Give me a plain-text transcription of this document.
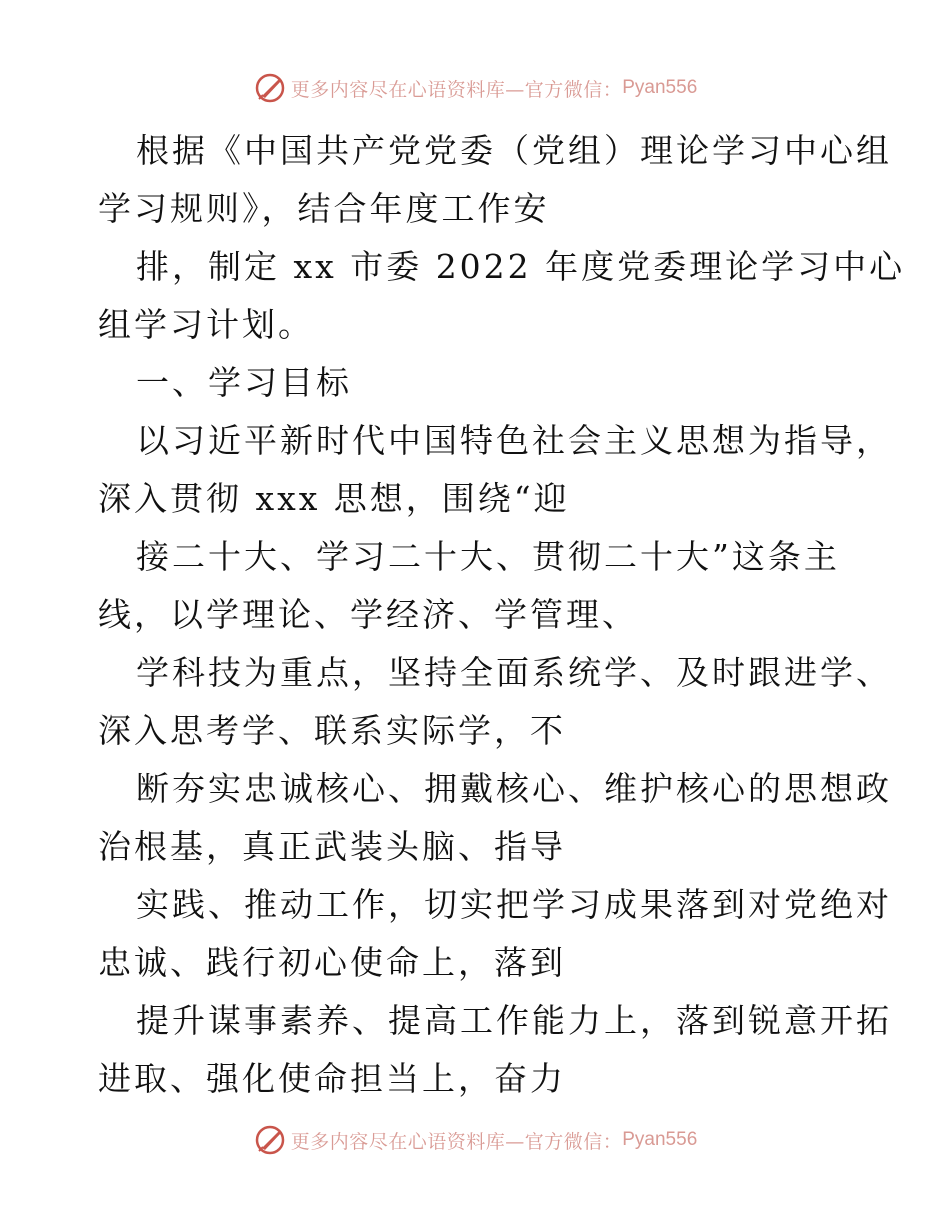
更多内容尽在心语资料库—官方微信： Pyan556
根据《中国共产党党委（党组）理论学习中心组
学习规则》，结合年度工作安
排，制定 xx 市委 2022 年度党委理论学习中心
组学习计划。
一、学习目标
以习近平新时代中国特色社会主义思想为指导，
深入贯彻 xxx 思想，围绕“迎
接二十大、学习二十大、贯彻二十大”这条主
线，以学理论、学经济、学管理、
学科技为重点，坚持全面系统学、及时跟进学、
深入思考学、联系实际学，不
断夯实忠诚核心、拥戴核心、维护核心的思想政
治根基，真正武装头脑、指导
实践、推动工作，切实把学习成果落到对党绝对
忠诚、践行初心使命上，落到
提升谋事素养、提高工作能力上，落到锐意开拓
进取、强化使命担当上，奋力
更多内容尽在心语资料库—官方微信： Pyan556
